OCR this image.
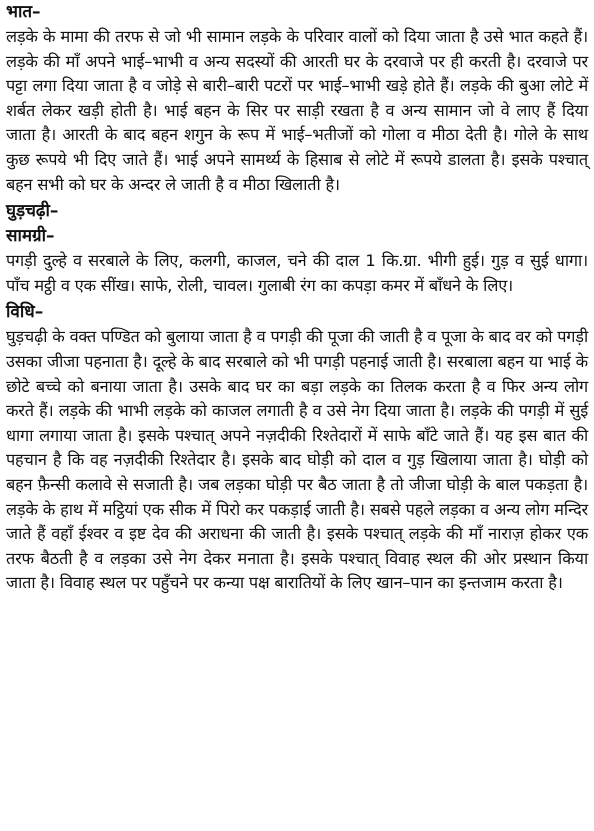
भात–

लड़के के मामा की तरफ से जो भी सामान लड़के के परिवार वालों को दिया जाता है उसे भात कहते हैं। लड़के की माँ अपने भाई–भाभी व अन्य सदस्यों की आरती घर के दरवाजे पर ही करती है। दरवाजे पर पट्टा लगा दिया जाता है व जोड़े से बारी–बारी पटरों पर भाई–भाभी खड़े होते हैं। लड़के की बुआ लोटे में शर्बत लेकर खड़ी होती है। भाई बहन के सिर पर साड़ी रखता है व अन्य सामान जो वे लाए हैं दिया जाता है। आरती के बाद बहन शगुन के रूप में भाई–भतीजों को गोला व मीठा देती है। गोले के साथ कुछ रूपये भी दिए जाते हैं। भाई अपने सामर्थ्य के हिसाब से लोटे में रूपये डालता है। इसके पश्चात् बहन सभी को घर के अन्दर ले जाती है व मीठा खिलाती है।

घुड़चढ़ी–
सामग्री–

पगड़ी दुल्हे व सरबाले के लिए, कलगी, काजल, चने की दाल 1 कि.ग्रा. भीगी हुई। गुड़ व सुई धागा। पाँच मट्ठी व एक सींख। साफे, रोली, चावल। गुलाबी रंग का कपड़ा कमर में बाँधने के लिए।

विधि–

घुड़चढ़ी के वक्त पण्डित को बुलाया जाता है व पगड़ी की पूजा की जाती है व पूजा के बाद वर को पगड़ी उसका जीजा पहनाता है। दूल्हे के बाद सरबाले को भी पगड़ी पहनाई जाती है। सरबाला बहन या भाई के छोटे बच्चे को बनाया जाता है। उसके बाद घर का बड़ा लड़के का तिलक करता है व फिर अन्य लोग करते हैं। लड़के की भाभी लड़के को काजल लगाती है व उसे नेग दिया जाता है। लड़के की पगड़ी में सुई धागा लगाया जाता है। इसके पश्चात् अपने नज़दीकी रिश्तेदारों में साफे बाँटे जाते हैं। यह इस बात की पहचान है कि वह नज़दीकी रिश्तेदार है। इसके बाद घोड़ी को दाल व गुड़ खिलाया जाता है। घोड़ी को बहन फ़ैन्सी कलावे से सजाती है। जब लड़का घोड़ी पर बैठ जाता है तो जीजा घोड़ी के बाल पकड़ता है। लड़के के हाथ में मट्ठियां एक सीक में पिरो कर पकड़ाई जाती है। सबसे पहले लड़का व अन्य लोग मन्दिर जाते हैं वहाँ ईश्वर व इष्ट देव की अराधना की जाती है। इसके पश्चात् लड़के की माँ नाराज़ होकर एक तरफ बैठती है व लड़का उसे नेग देकर मनाता है। इसके पश्चात् विवाह स्थल की ओर प्रस्थान किया जाता है। विवाह स्थल पर पहुँचने पर कन्या पक्ष बारातियों के लिए खान–पान का इन्तजाम करता है।
